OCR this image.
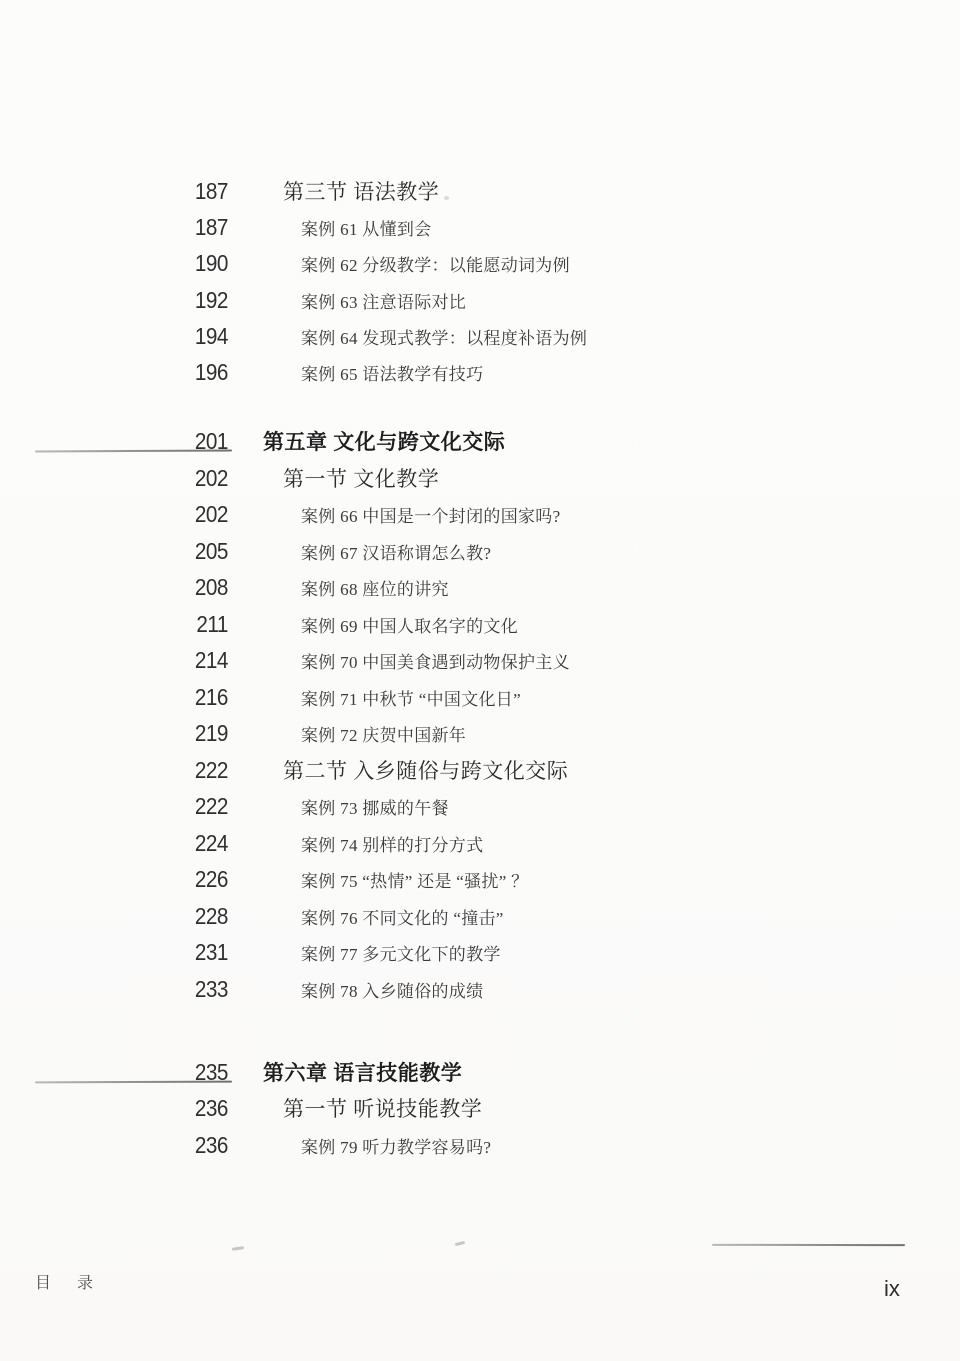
187	第三节 语法教学
187	案例 61 从懂到会
190	案例 62 分级教学：以能愿动词为例
192	案例 63 注意语际对比
194	案例 64 发现式教学：以程度补语为例
196	案例 65 语法教学有技巧
201 第五章 文化与跨文化交际
202	第一节 文化教学
202	案例 66 中国是一个封闭的国家吗?
205	案例 67 汉语称谓怎么教?
208	案例 68 座位的讲究
211	案例 69 中国人取名字的文化
214	案例 70 中国美食遇到动物保护主义
216	案例 71 中秋节 “中国文化日”
219	案例 72 庆贺中国新年
222	第二节 入乡随俗与跨文化交际
222	案例 73 挪威的午餐
224	案例 74 别样的打分方式
226	案例 75 “热情” 还是 “骚扰” ？
228	案例 76 不同文化的 “撞击”
231	案例 77 多元文化下的教学
233	案例 78 入乡随俗的成绩
235 第六章 语言技能教学
236	第一节 听说技能教学
236	案例 79 听力教学容易吗?
目 录	ix
